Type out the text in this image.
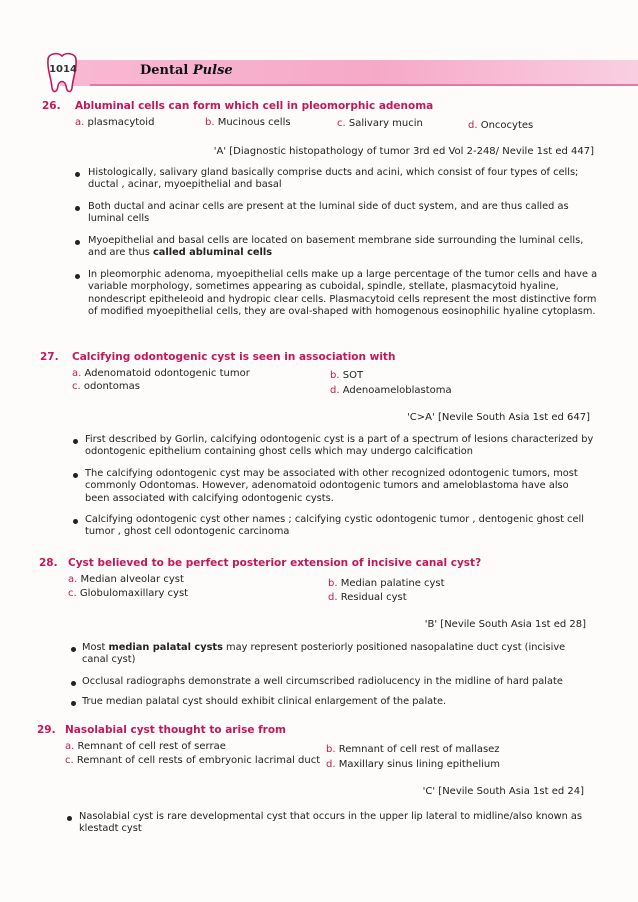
1014	Dental Pulse
26. Abluminal cells can form which cell in pleomorphic adenoma
a. plasmacytoid	b. Mucinous cells	c. Salivary mucin	d. Oncocytes
'A' [Diagnostic histopathology of tumor 3rd ed Vol 2-248/ Nevile 1st ed 447]
Histologically, salivary gland basically comprise ducts and acini, which consist of four types of cells; ductal , acinar, myoepithelial and basal
Both ductal and acinar cells are present at the luminal side of duct system, and are thus called as luminal cells
Myoepithelial and basal cells are located on basement membrane side surrounding the luminal cells, and are thus called abluminal cells
In pleomorphic adenoma, myoepithelial cells make up a large percentage of the tumor cells and have a variable morphology, sometimes appearing as cuboidal, spindle, stellate, plasmacytoid hyaline, nondescript epitheleoid and hydropic clear cells. Plasmacytoid cells represent the most distinctive form of modified myoepithelial cells, they are oval-shaped with homogenous eosinophilic hyaline cytoplasm.
27. Calcifying odontogenic cyst is seen in association with
a. Adenomatoid odontogenic tumor	b. SOT
c. odontomas	d. Adenoameloblastoma
'C>A' [Nevile South Asia 1st ed 647]
First described by Gorlin, calcifying odontogenic cyst is a part of a spectrum of lesions characterized by odontogenic epithelium containing ghost cells which may undergo calcification
The calcifying odontogenic cyst may be associated with other recognized odontogenic tumors, most commonly Odontomas. However, adenomatoid odontogenic tumors and ameloblastoma have also been associated with calcifying odontogenic cysts.
Calcifying odontogenic cyst other names ; calcifying cystic odontogenic tumor , dentogenic ghost cell tumor , ghost cell odontogenic carcinoma
28. Cyst believed to be perfect posterior extension of incisive canal cyst?
a. Median alveolar cyst	b. Median palatine cyst
c. Globulomaxillary cyst	d. Residual cyst
'B' [Nevile South Asia 1st ed 28]
Most median palatal cysts may represent posteriorly positioned nasopalatine duct cyst (incisive canal cyst)
Occlusal radiographs demonstrate a well circumscribed radiolucency in the midline of hard palate
True median palatal cyst should exhibit clinical enlargement of the palate.
29. Nasolabial cyst thought to arise from
a. Remnant of cell rest of serrae	b. Remnant of cell rest of mallasez
c. Remnant of cell rests of embryonic lacrimal duct d. Maxillary sinus lining epithelium
'C' [Nevile South Asia 1st ed 24]
Nasolabial cyst is rare developmental cyst that occurs in the upper lip lateral to midline/also known as klestadt cyst
